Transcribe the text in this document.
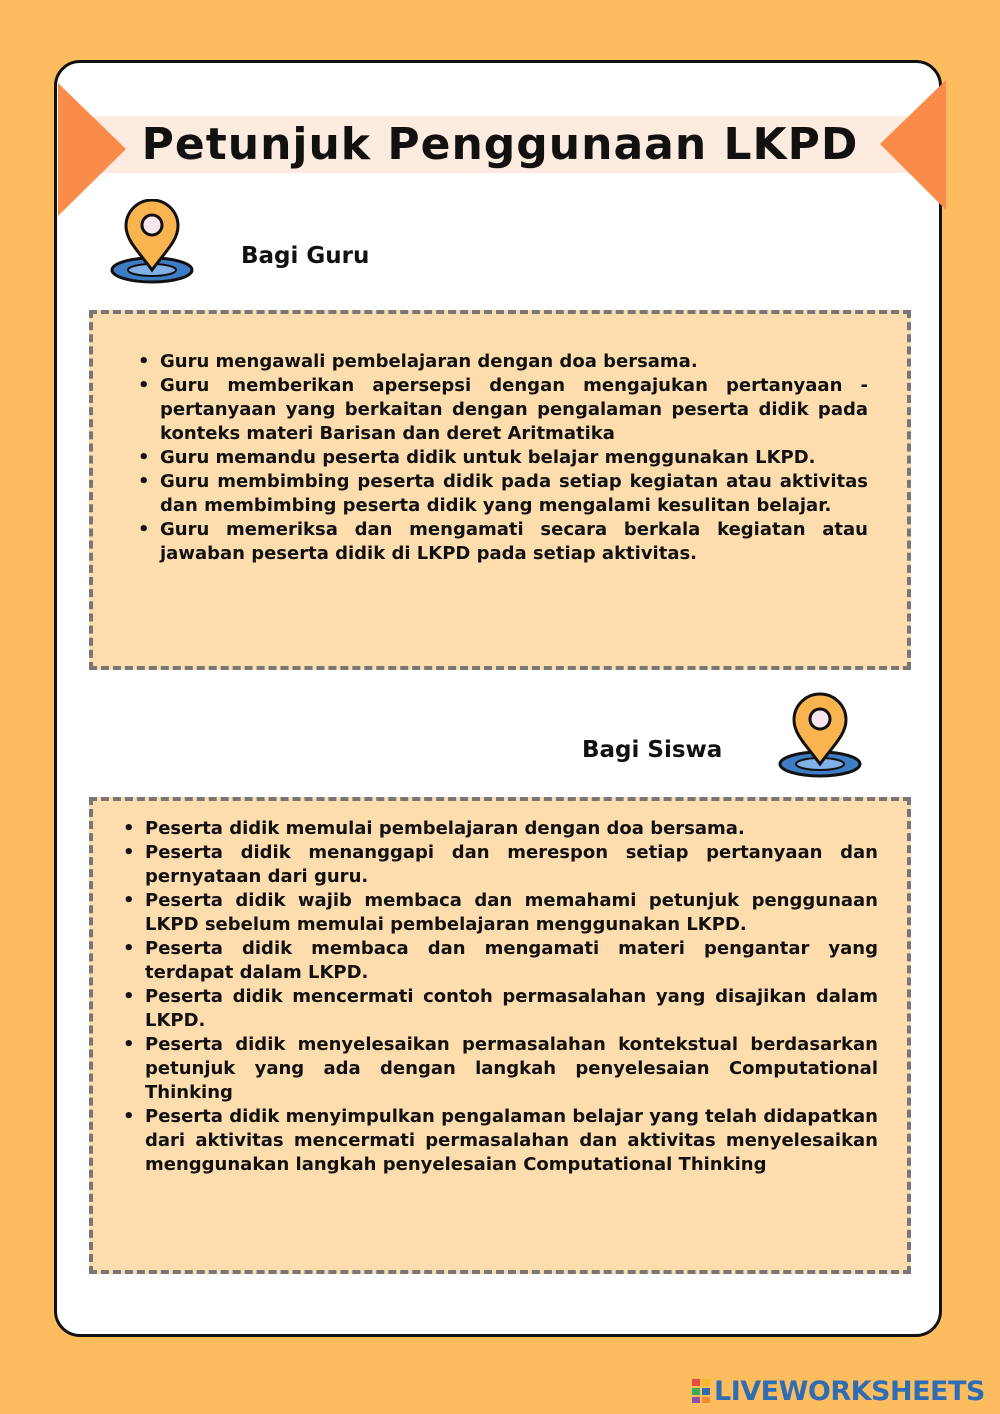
Petunjuk Penggunaan LKPD
Bagi Guru
• Guru mengawali pembelajaran dengan doa bersama.
• Guru memberikan apersepsi dengan mengajukan pertanyaan - pertanyaan yang berkaitan dengan pengalaman peserta didik pada konteks materi Barisan dan deret Aritmatika
• Guru memandu peserta didik untuk belajar menggunakan LKPD.
• Guru membimbing peserta didik pada setiap kegiatan atau aktivitas dan membimbing peserta didik yang mengalami kesulitan belajar.
• Guru memeriksa dan mengamati secara berkala kegiatan atau jawaban peserta didik di LKPD pada setiap aktivitas.
Bagi Siswa
• Peserta didik memulai pembelajaran dengan doa bersama.
• Peserta didik menanggapi dan merespon setiap pertanyaan dan pernyataan dari guru.
• Peserta didik wajib membaca dan memahami petunjuk penggunaan LKPD sebelum memulai pembelajaran menggunakan LKPD.
• Peserta didik membaca dan mengamati materi pengantar yang terdapat dalam LKPD.
• Peserta didik mencermati contoh permasalahan yang disajikan dalam LKPD.
• Peserta didik menyelesaikan permasalahan kontekstual berdasarkan petunjuk yang ada dengan langkah penyelesaian Computational Thinking
• Peserta didik menyimpulkan pengalaman belajar yang telah didapatkan dari aktivitas mencermati permasalahan dan aktivitas menyelesaikan menggunakan langkah penyelesaian Computational Thinking
LIVEWORKSHEETS
